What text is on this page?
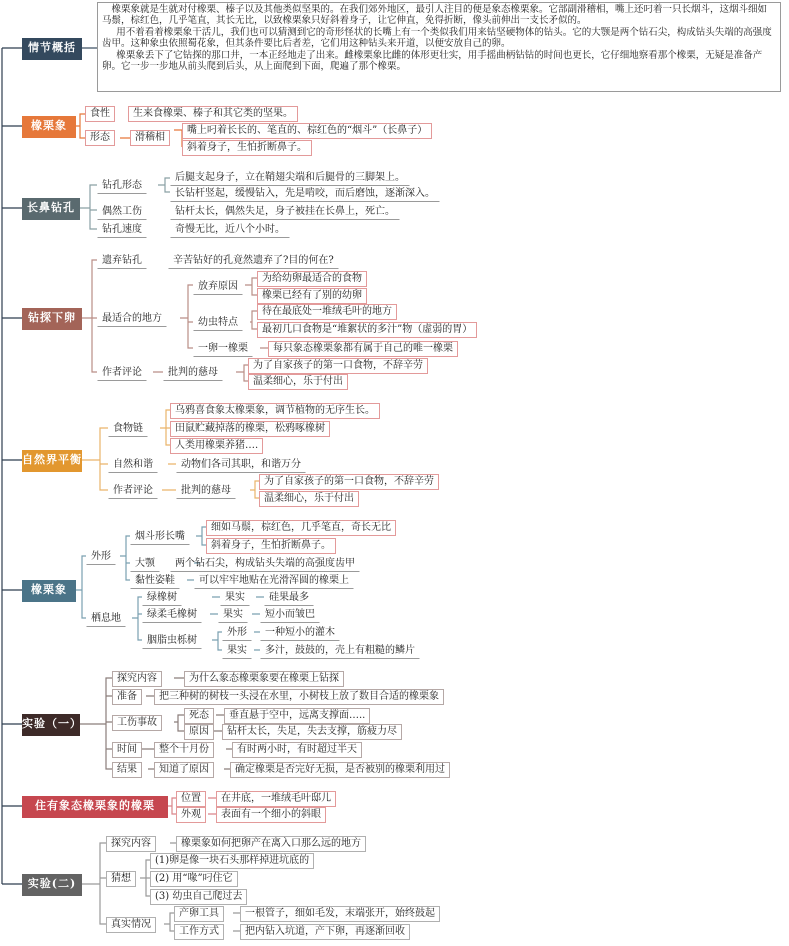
情节概括
橡栗象
长鼻钻孔
钻探下卵
自然界平衡
橡栗象
实验（一）
住有象态橡栗象的橡栗
实验(二)

橡栗象就是生就对付橡栗、榛子以及其他类似坚果的。在我们郊外地区，最引人注目的便是象态橡栗象。它部副滑稽相，嘴上还叼着一只长烟斗，这烟斗细如马鬃，棕红色，几乎笔直，其长无比，以致橡栗象只好斜着身子，让它伸直，免得折断，像头前伸出一支长矛似的。

用不着看着橡栗象干活儿，我们也可以猜测到它的奇形怪状的长嘴上有一个类似我们用来钻坚硬物体的钻头。它的大颚是两个钻石尖，构成钻头失端的高强度齿甲。这种象虫依照蜀花象，但其条件要比后者差，它们用这种钻头来开道，以便安放自己的卵。

橡栗象丢下了它钻探的那口井，一本正经地走了出来。雌橡栗象比雌的体形更壮实，用手摇曲柄钻钻的时间也更长，它仔细地察看那个橡栗，无疑是准备产卵。它一步一步地从前头爬到后头，从上面爬到下面，爬遍了那个橡栗。

食性	生来食橡栗、榛子和其它类的坚果。
形态	滑稽相
嘴上叼着长长的、笔直的、棕红色的“烟斗”（长鼻子）
斜着身子，生怕折断鼻子。
钻孔形态
后腿支起身子，立在鞘翅尖端和后腿骨的三脚架上。
长钻杆竖起，缓慢钻入，先是啃咬，而后磨蚀，逐渐深入。
偶然工伤	钻杆太长，偶然失足，身子被挂在长鼻上，死亡。
钻孔速度	奇慢无比，近八个小时。
遗弃钻孔	辛苦钻好的孔竟然遗弃了?目的何在?
最适合的地方
放弃原因
为给幼卵最适合的食物
橡栗已经有了别的幼卵
幼虫特点
待在最底处一堆绒毛叶的地方
最初几口食物是“堆絮状的多汁”物（虚弱的胃）
一卵一橡栗	每只象态橡栗象都有属于自己的唯一橡栗
作者评论	批判的慈母
为了自家孩子的第一口食物，不辞辛劳
温柔细心，乐于付出
食物链
乌鸦喜食象太橡栗象，调节植物的无序生长。
田鼠贮藏掉落的橡栗，松鸦啄橡树
人类用橡栗养猪….
自然和谐	动物们各司其职，和谐万分
作者评论	批判的慈母
为了自家孩子的第一口食物，不辞辛劳
温柔细心，乐于付出
外形
烟斗形长嘴
细如马鬃，棕红色，几乎笔直，奇长无比
斜着身子，生怕折断鼻子。
大颚	两个钻石尖，构成钻头失端的高强度齿甲
黏性姿鞋	可以牢牢地贴在光滑浑圆的橡栗上
栖息地
绿橡树	果实	硅果最多
绿柔毛橡树	果实	短小而皱巴
胭脂虫栎树
外形	一种短小的灌木
果实	多汁，鼓鼓的，壳上有粗糙的鳞片
探究内容	为什么象态橡栗象要在橡栗上钻探
准备	把三种树的树枝一头浸在水里，小树枝上放了数目合适的橡栗象
工伤事故
死态	垂直悬于空中，远离支撑面…..
原因	钻杆太长，失足，失去支撑，筋疲力尽
时间	整个十月份	有时两小时，有时超过半天
结果	知道了原因	确定橡栗是否完好无损，是否被别的橡栗利用过
位置	在井底，一堆绒毛叶邸儿
外观	表面有一个细小的斜眼
探究内容	橡栗象如何把卵产在离入口那么远的地方
猜想
(1)卵是像一块石头那样掉进坑底的
(2) 用“喙”叼住它
(3) 幼虫自己爬过去
真实情况
产卵工具	一根管子，细如毛发，末端张开，始终鼓起
工作方式	把内钻入坑道，产下卵，再逐渐回收
